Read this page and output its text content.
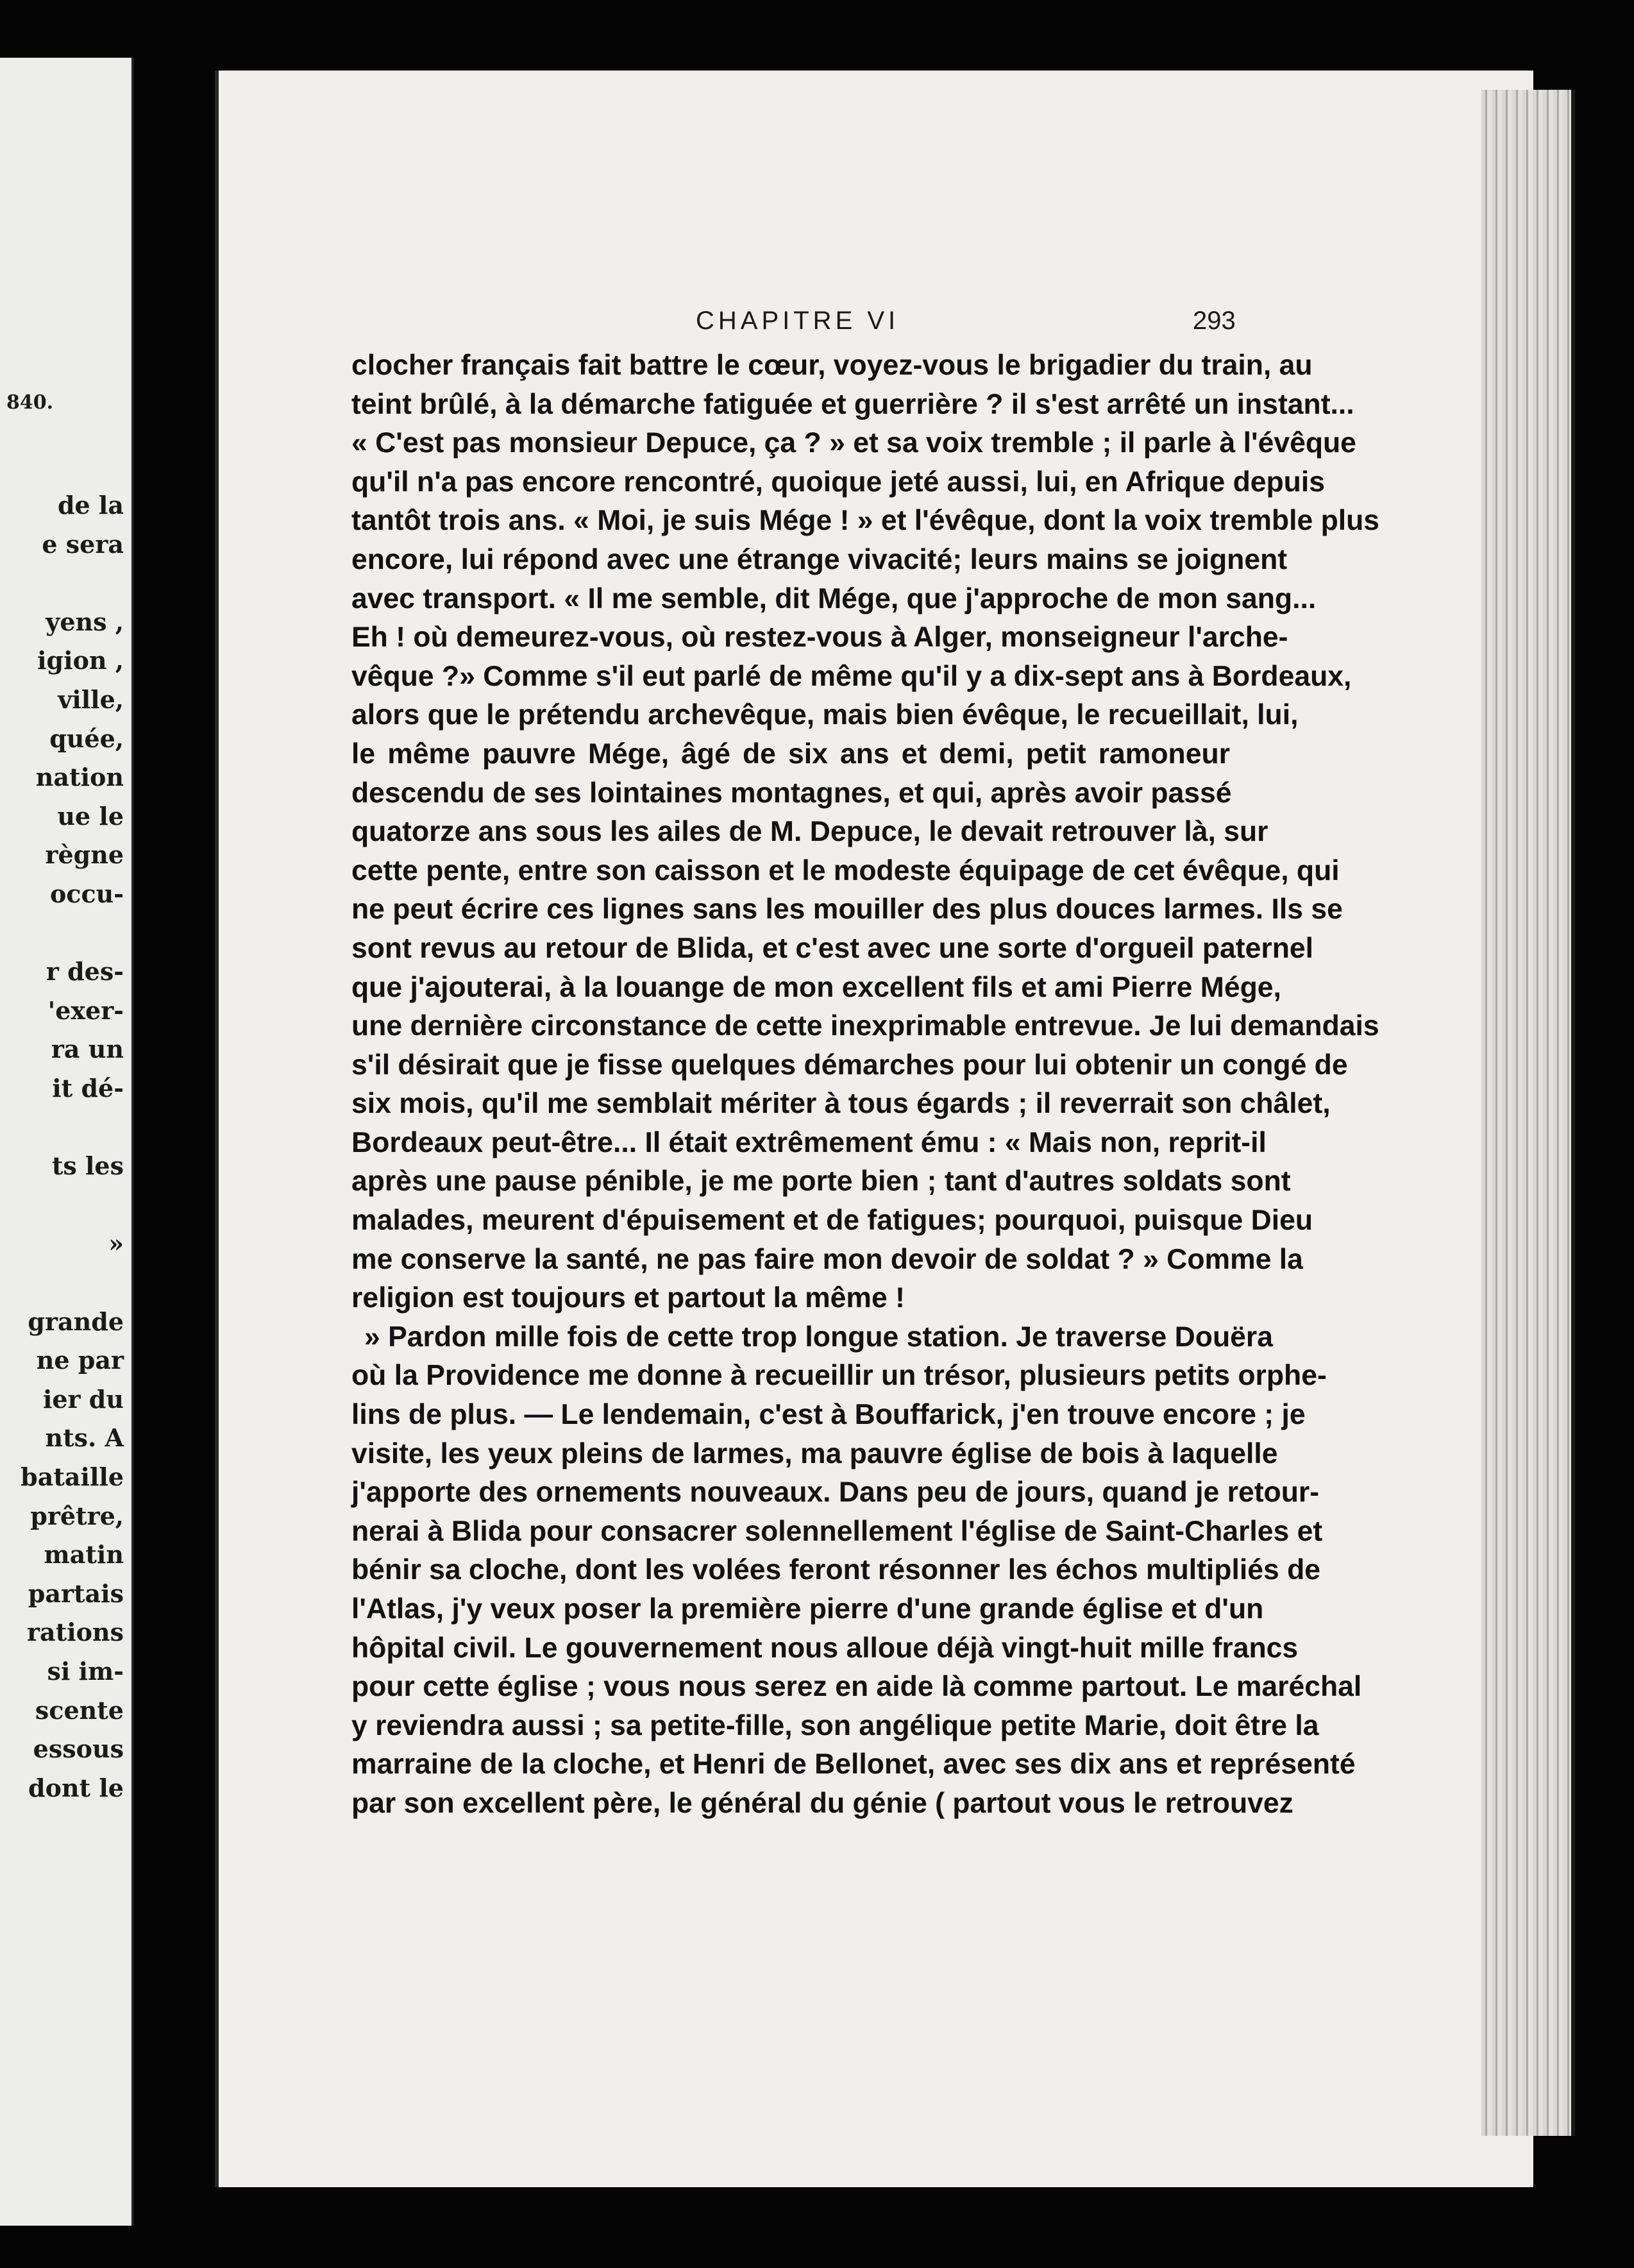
840.
de la
e sera
yens ,
igion ,
ville,
quée,
nation
ue le
règne
occu-
r des-
'exer-
ra un
it dé-
ts les
»
grande
ne par
ier du
nts. A
bataille
prêtre,
matin
partais
rations
si im-
scente
essous
dont le
CHAPITRE VI	293
clocher français fait battre le cœur, voyez-vous le brigadier du train, au
teint brûlé, à la démarche fatiguée et guerrière ? il s'est arrêté un instant...
« C'est pas monsieur Depuce, ça ? » et sa voix tremble ; il parle à l'évêque
qu'il n'a pas encore rencontré, quoique jeté aussi, lui, en Afrique depuis
tantôt trois ans. « Moi, je suis Mége ! » et l'évêque, dont la voix tremble plus
encore, lui répond avec une étrange vivacité; leurs mains se joignent
avec transport. « Il me semble, dit Mége, que j'approche de mon sang...
Eh ! où demeurez-vous, où restez-vous à Alger, monseigneur l'arche-
vêque ?» Comme s'il eut parlé de même qu'il y a dix-sept ans à Bordeaux,
alors que le prétendu archevêque, mais bien évêque, le recueillait, lui,
le même pauvre Mége, âgé de six ans et demi, petit ramoneur
descendu de ses lointaines montagnes, et qui, après avoir passé
quatorze ans sous les ailes de M. Depuce, le devait retrouver là, sur
cette pente, entre son caisson et le modeste équipage de cet évêque, qui
ne peut écrire ces lignes sans les mouiller des plus douces larmes. Ils se
sont revus au retour de Blida, et c'est avec une sorte d'orgueil paternel
que j'ajouterai, à la louange de mon excellent fils et ami Pierre Mége,
une dernière circonstance de cette inexprimable entrevue. Je lui demandais
s'il désirait que je fisse quelques démarches pour lui obtenir un congé de
six mois, qu'il me semblait mériter à tous égards ; il reverrait son châlet,
Bordeaux peut-être... Il était extrêmement ému : « Mais non, reprit-il
après une pause pénible, je me porte bien ; tant d'autres soldats sont
malades, meurent d'épuisement et de fatigues; pourquoi, puisque Dieu
me conserve la santé, ne pas faire mon devoir de soldat ? » Comme la
religion est toujours et partout la même !
» Pardon mille fois de cette trop longue station. Je traverse Douëra
où la Providence me donne à recueillir un trésor, plusieurs petits orphe-
lins de plus. — Le lendemain, c'est à Bouffarick, j'en trouve encore ; je
visite, les yeux pleins de larmes, ma pauvre église de bois à laquelle
j'apporte des ornements nouveaux. Dans peu de jours, quand je retour-
nerai à Blida pour consacrer solennellement l'église de Saint-Charles et
bénir sa cloche, dont les volées feront résonner les échos multipliés de
l'Atlas, j'y veux poser la première pierre d'une grande église et d'un
hôpital civil. Le gouvernement nous alloue déjà vingt-huit mille francs
pour cette église ; vous nous serez en aide là comme partout. Le maréchal
y reviendra aussi ; sa petite-fille, son angélique petite Marie, doit être la
marraine de la cloche, et Henri de Bellonet, avec ses dix ans et représenté
par son excellent père, le général du génie ( partout vous le retrouvez
